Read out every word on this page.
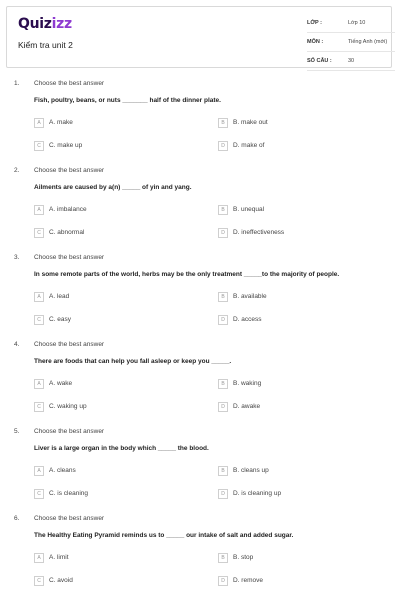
Quizizz
Kiểm tra unit 2
LỚP :	Lớp 10
MÔN :	Tiếng Anh (mới)
SỐ CÂU :	30
1. Choose the best answer
Fish, poultry, beans, or nuts _______ half of the dinner plate.
A	A. make	B	B. make out
C	C. make up	D	D. make of
2. Choose the best answer
Ailments are caused by a(n) _____ of yin and yang.
A	A. imbalance	B	B. unequal
C	C. abnormal	D	D. ineffectiveness
3. Choose the best answer
In some remote parts of the world, herbs may be the only treatment _____to the majority of people.
A	A. lead	B	B. available
C	C. easy	D	D. access
4. Choose the best answer
There are foods that can help you fall asleep or keep you _____.
A	A. wake	B	B. waking
C	C. waking up	D	D. awake
5. Choose the best answer
Liver is a large organ in the body which _____ the blood.
A	A. cleans	B	B. cleans up
C	C. is cleaning	D	D. is cleaning up
6. Choose the best answer
The Healthy Eating Pyramid reminds us to _____ our intake of salt and added sugar.
A	A. limit	B	B. stop
C	C. avoid	D	D. remove
